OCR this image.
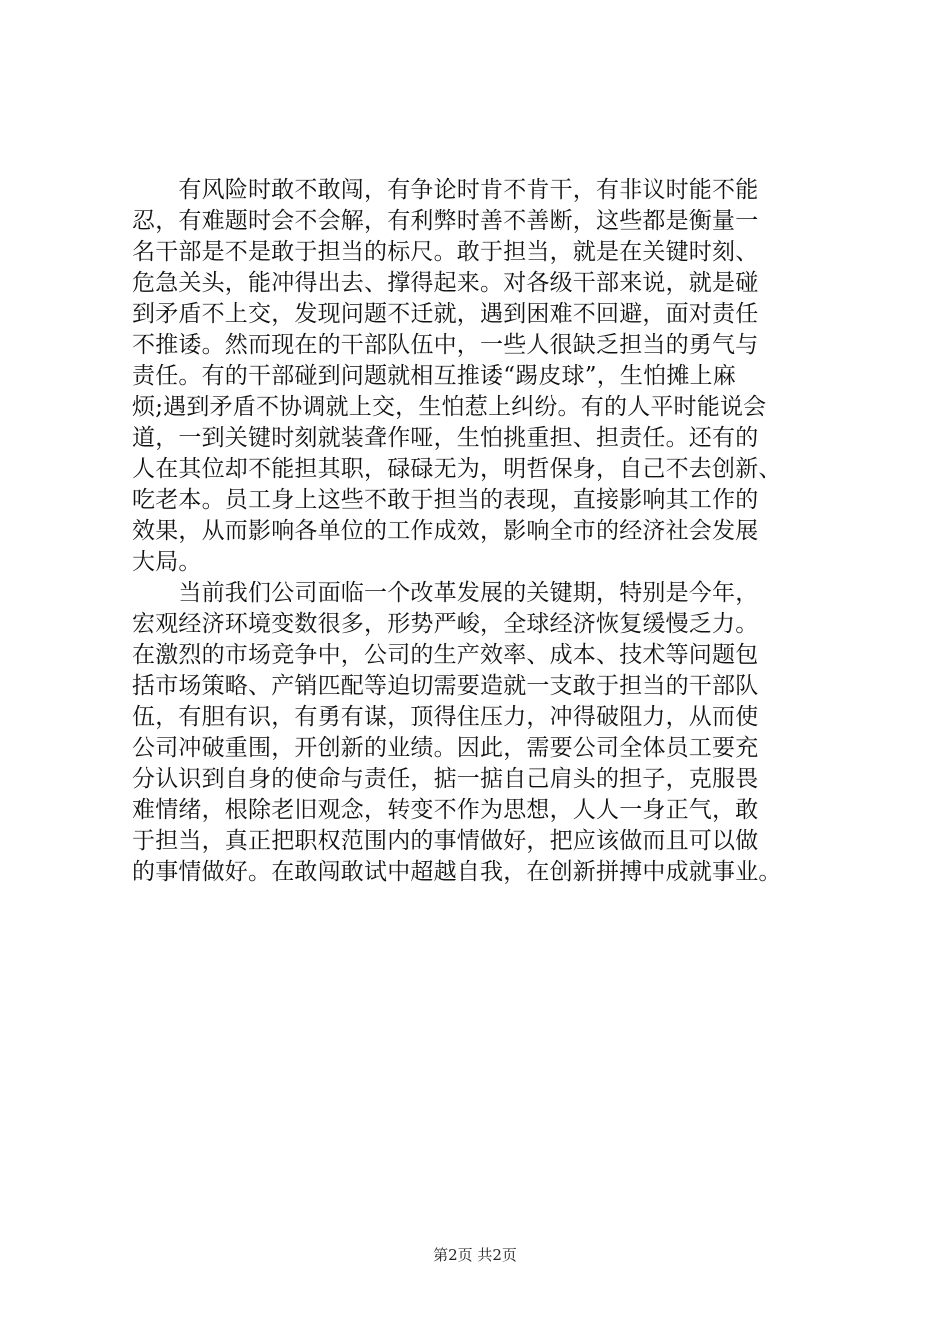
　　有风险时敢不敢闯，有争论时肯不肯干，有非议时能不能
忍，有难题时会不会解，有利弊时善不善断，这些都是衡量一
名干部是不是敢于担当的标尺。敢于担当，就是在关键时刻、
危急关头，能冲得出去、撑得起来。对各级干部来说，就是碰
到矛盾不上交，发现问题不迁就，遇到困难不回避，面对责任
不推诿。然而现在的干部队伍中，一些人很缺乏担当的勇气与
责任。有的干部碰到问题就相互推诿“踢皮球”，生怕摊上麻
烦;遇到矛盾不协调就上交，生怕惹上纠纷。有的人平时能说会
道，一到关键时刻就装聋作哑，生怕挑重担、担责任。还有的
人在其位却不能担其职，碌碌无为，明哲保身，自己不去创新、
吃老本。员工身上这些不敢于担当的表现，直接影响其工作的
效果，从而影响各单位的工作成效，影响全市的经济社会发展
大局。
　　当前我们公司面临一个改革发展的关键期，特别是今年，
宏观经济环境变数很多，形势严峻，全球经济恢复缓慢乏力。
在激烈的市场竞争中，公司的生产效率、成本、技术等问题包
括市场策略、产销匹配等迫切需要造就一支敢于担当的干部队
伍，有胆有识，有勇有谋，顶得住压力，冲得破阻力，从而使
公司冲破重围，开创新的业绩。因此，需要公司全体员工要充
分认识到自身的使命与责任，掂一掂自己肩头的担子，克服畏
难情绪，根除老旧观念，转变不作为思想，人人一身正气，敢
于担当，真正把职权范围内的事情做好，把应该做而且可以做
的事情做好。在敢闯敢试中超越自我，在创新拼搏中成就事业。
第2页 共2页
